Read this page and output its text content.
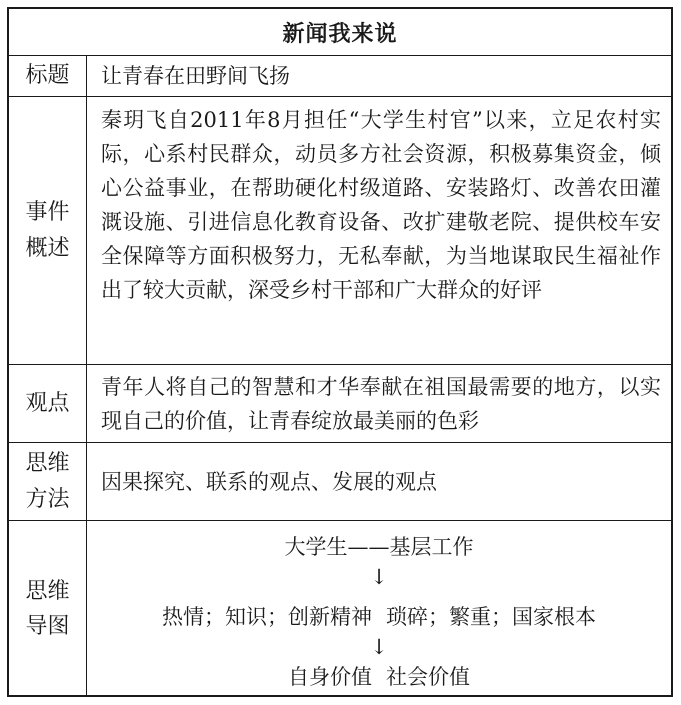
新闻我来说
标题	让青春在田野间飞扬
事件
概述
秦玥飞自2011年8月担任“大学生村官”以来，立足农村实际，心系村民群众，动员多方社会资源，积极募集资金，倾心公益事业，在帮助硬化村级道路、安装路灯、改善农田灌溉设施、引进信息化教育设备、改扩建敬老院、提供校车安全保障等方面积极努力，无私奉献，为当地谋取民生福祉作出了较大贡献，深受乡村干部和广大群众的好评
观点
青年人将自己的智慧和才华奉献在祖国最需要的地方，以实现自己的价值，让青春绽放最美丽的色彩
思维
方法
因果探究、联系的观点、发展的观点
思维
导图
大学生——基层工作
↓
热情；知识；创新精神 琐碎；繁重；国家根本
↓
自身价值 社会价值
